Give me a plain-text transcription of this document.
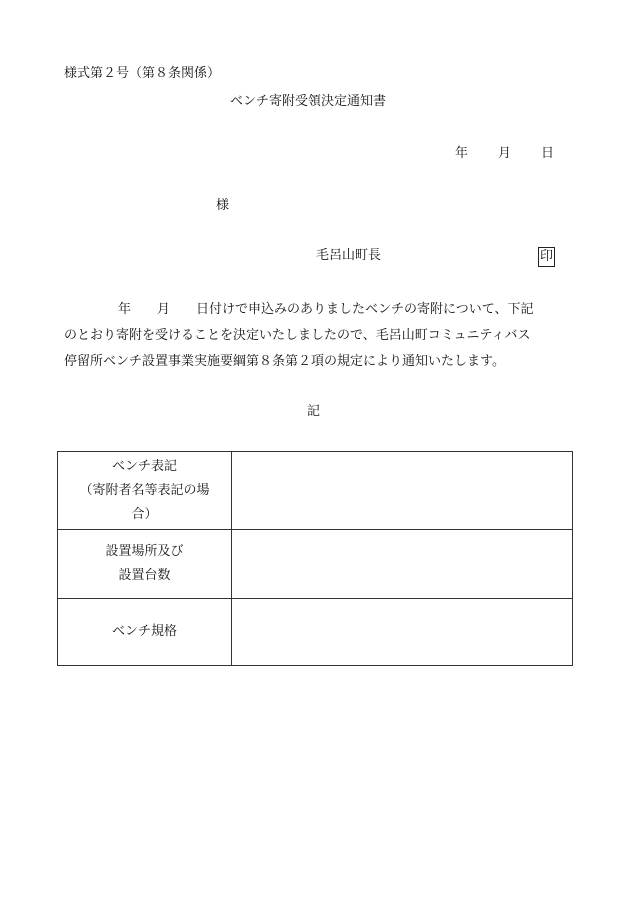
様式第２号（第８条関係）
ベンチ寄附受領決定通知書
年 月 日
様
毛呂山町長	印
年　　月　　日付けで申込みのありましたベンチの寄附について、下記
のとおり寄附を受けることを決定いたしましたので、毛呂山町コミュニティバス
停留所ベンチ設置事業実施要綱第８条第２項の規定により通知いたします。
記
ベンチ表記
（寄附者名等表記の場
合）	

設置場所及び
設置台数	

ベンチ規格	
